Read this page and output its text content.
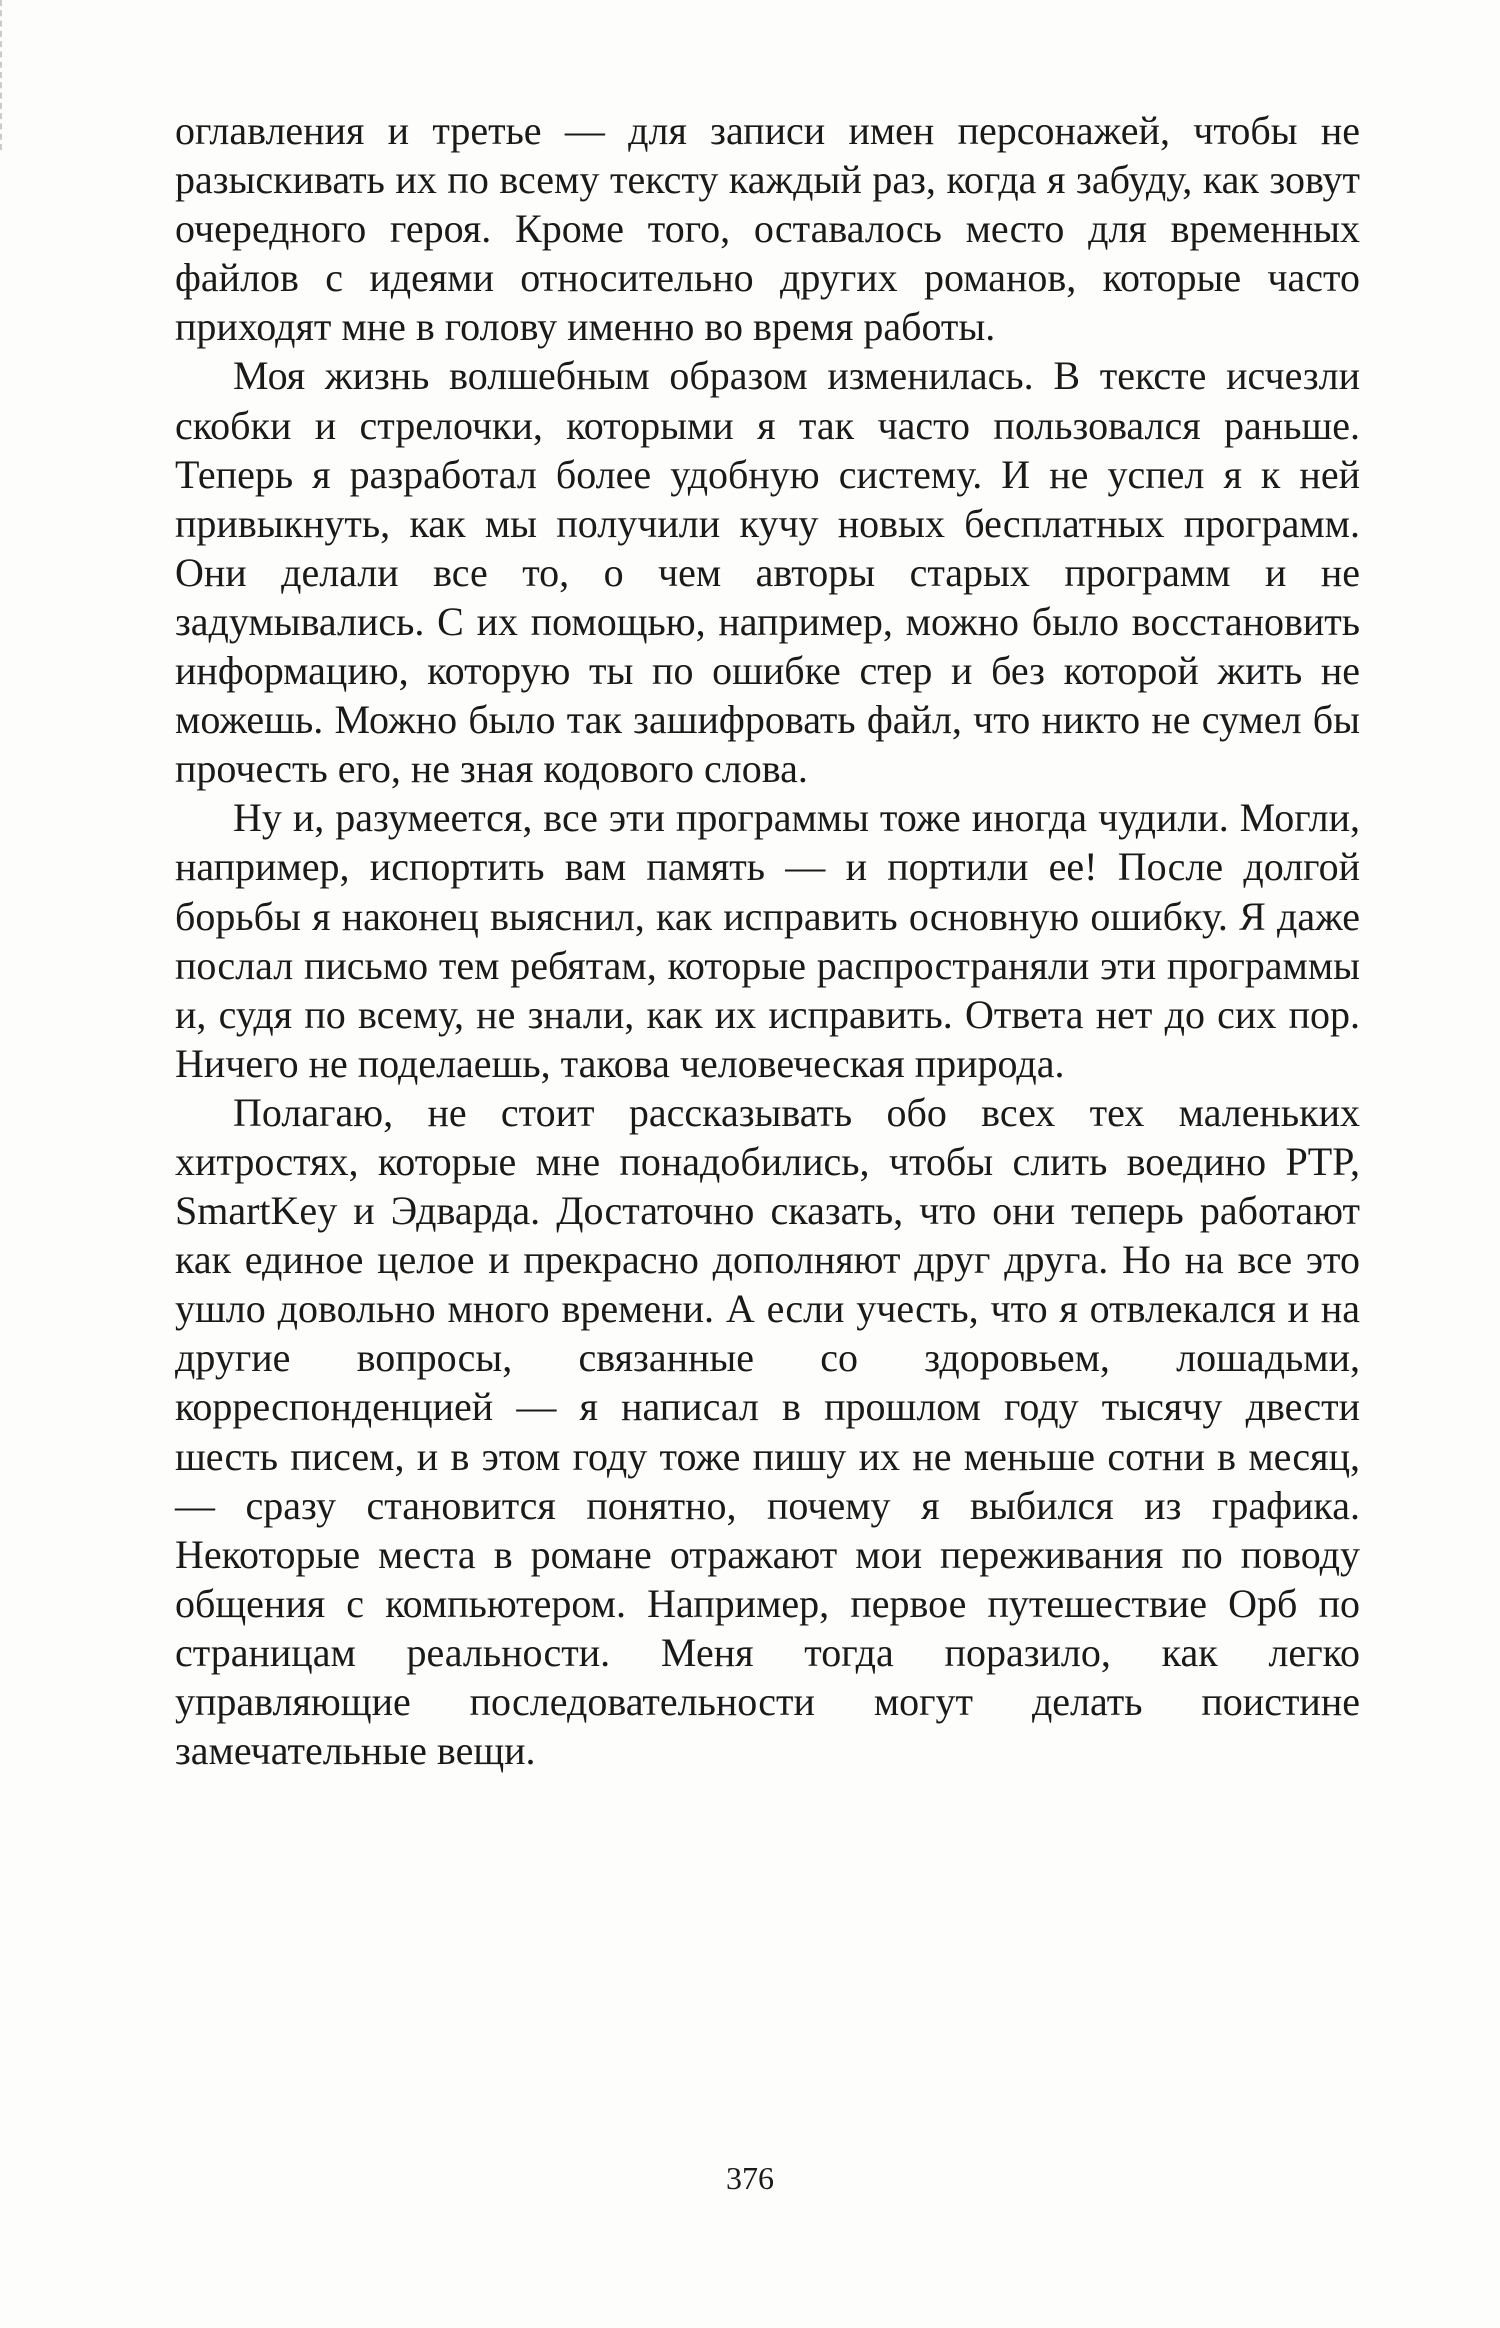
оглавления и третье — для записи имен персонажей, чтобы не разыскивать их по всему тексту каждый раз, когда я забуду, как зовут очередного героя. Кроме того, оставалось место для временных файлов с идеями относительно других романов, которые часто приходят мне в голову именно во время работы.

Моя жизнь волшебным образом изменилась. В тексте исчезли скобки и стрелочки, которыми я так часто пользовался раньше. Теперь я разработал более удобную систему. И не успел я к ней привыкнуть, как мы получили кучу новых бесплатных программ. Они делали все то, о чем авторы старых программ и не задумывались. С их помощью, например, можно было восстановить информацию, которую ты по ошибке стер и без которой жить не можешь. Можно было так зашифровать файл, что никто не сумел бы прочесть его, не зная кодового слова.

Ну и, разумеется, все эти программы тоже иногда чудили. Могли, например, испортить вам память — и портили ее! После долгой борьбы я наконец выяснил, как исправить основную ошибку. Я даже послал письмо тем ребятам, которые распространяли эти программы и, судя по всему, не знали, как их исправить. Ответа нет до сих пор. Ничего не поделаешь, такова человеческая природа.

Полагаю, не стоит рассказывать обо всех тех маленьких хитростях, которые мне понадобились, чтобы слить воедино PTP, SmartKey и Эдварда. Достаточно сказать, что они теперь работают как единое целое и прекрасно дополняют друг друга. Но на все это ушло довольно много времени. А если учесть, что я отвлекался и на другие вопросы, связанные со здоровьем, лошадьми, корреспонденцией — я написал в прошлом году тысячу двести шесть писем, и в этом году тоже пишу их не меньше сотни в месяц, — сразу становится понятно, почему я выбился из графика. Некоторые места в романе отражают мои переживания по поводу общения с компьютером. Например, первое путешествие Орб по страницам реальности. Меня тогда поразило, как легко управляющие последовательности могут делать поистине замечательные вещи.

376
